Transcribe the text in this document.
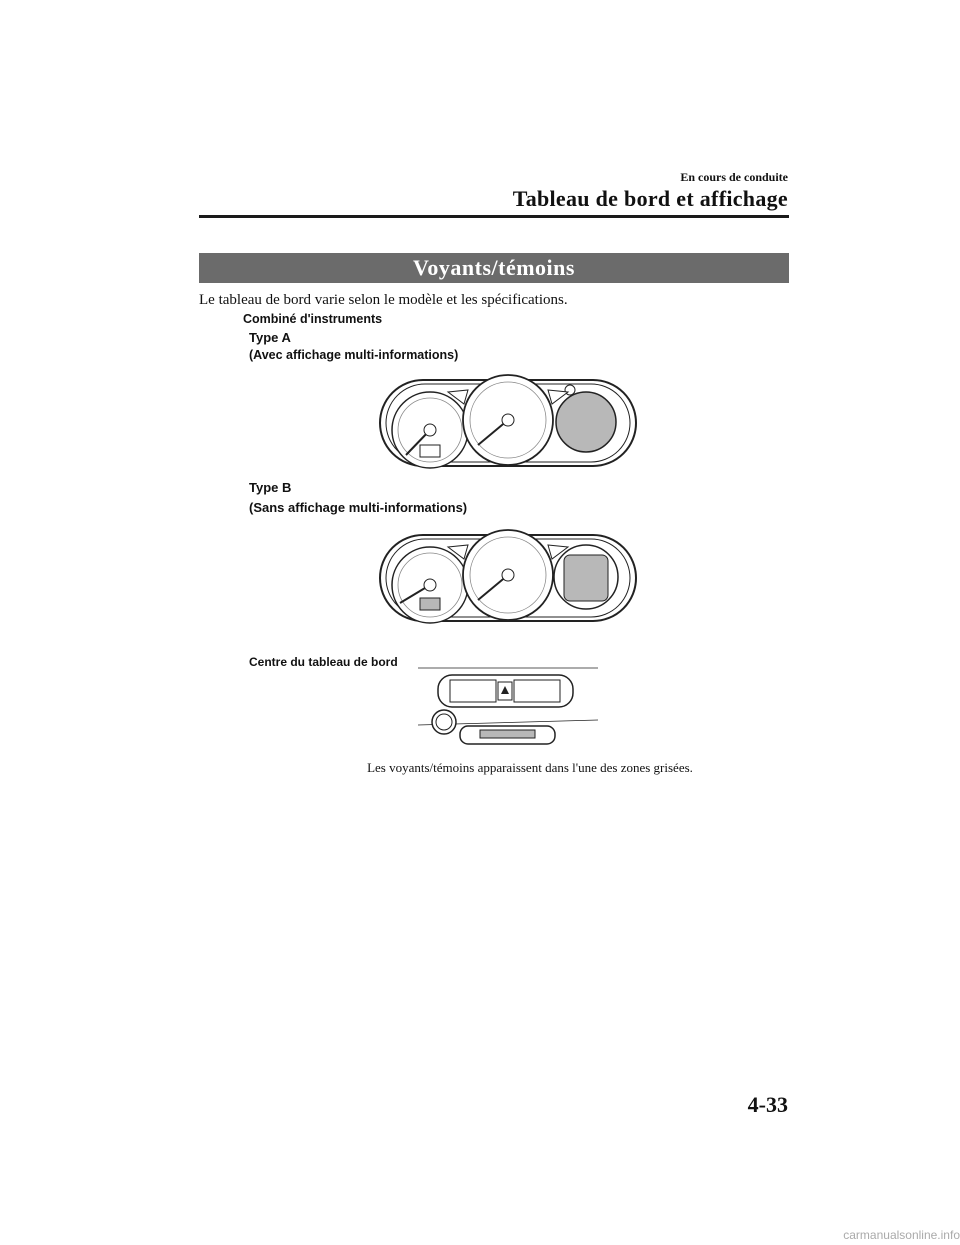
En cours de conduite
Tableau de bord et affichage
Voyants/témoins
Le tableau de bord varie selon le modèle et les spécifications.
Combiné d'instruments
Type A
(Avec affichage multi-informations)
Type B
(Sans affichage multi-informations)
Centre du tableau de bord
Les voyants/témoins apparaissent dans l'une des zones grisées.
4-33
carmanualsonline.info
